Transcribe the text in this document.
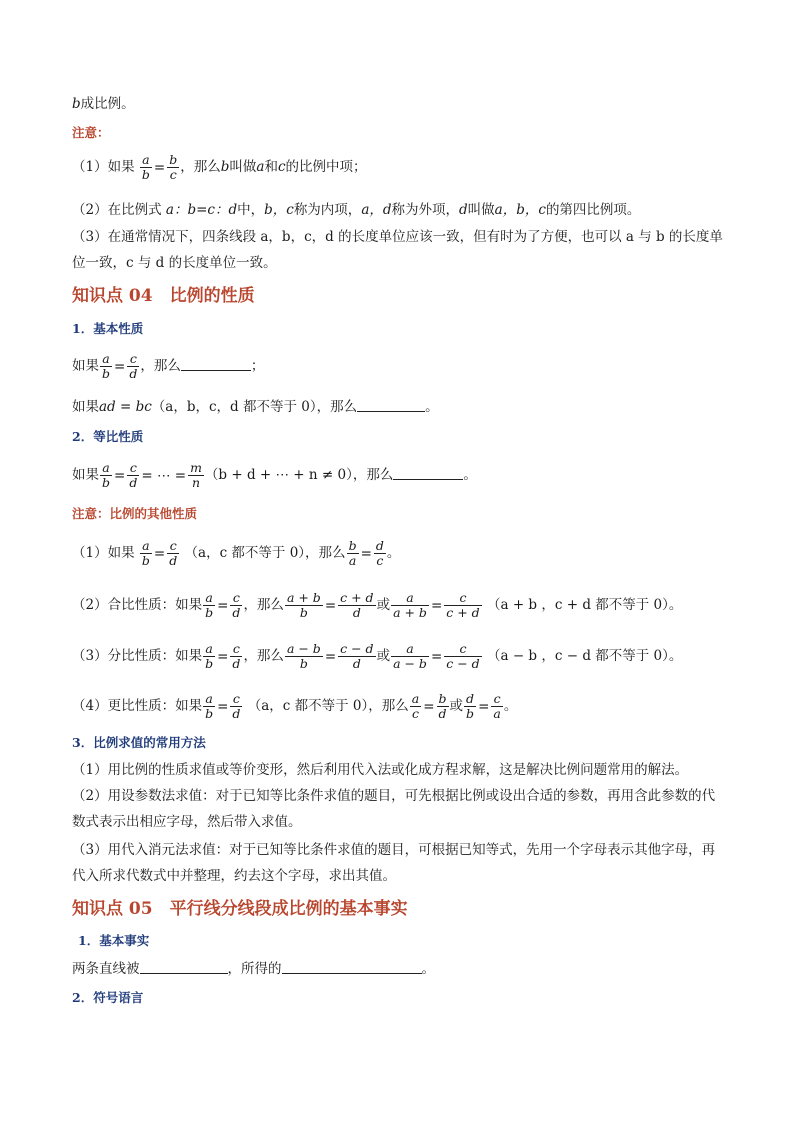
b成比例。
注意：
（1）如果 $\frac{a}{b} = \frac{b}{c}$ ，那么b叫做a和c的比例中项；
（2）在比例式 a：b=c：d中，b，c称为内项，a，d称为外项，d叫做a，b，c的第四比例项。
（3）在通常情况下，四条线段 a，b，c，d 的长度单位应该一致，但有时为了方便，也可以 a 与 b 的长度单位一致，c 与 d 的长度单位一致。
知识点 04　比例的性质
1．基本性质
如果 $\frac{a}{b} = \frac{c}{d}$ ，那么	；
如果ad = bc（a，b，c，d 都不等于 0），那么	。
2．等比性质
如果 $\frac{a}{b} = \frac{c}{d}$ = ⋯ = $\frac{m}{n} (b + d$ + ⋯ + n ≠ 0），那么	。
注意：比例的其他性质
（1）如果 $\frac{a}{b} = \frac{c}{d} (a$，c 都不等于 0），那么 $\frac{b}{a} = \frac{d}{c}$ 。
（2）合比性质：如果 $\frac{a}{b} = \frac{c}{d}$ ，那么 $\frac{a + b}{b} = \frac{c + d}{d}$ 或 $\frac{a}{a + b} = \frac{c}{c + d} (a + b$ ，c + d 都不等于 0）。
（3）分比性质：如果 $\frac{a}{b} = \frac{c}{d}$ ，那么 $\frac{a - b}{b} = \frac{c - d}{d}$ 或 $\frac{a}{a - b} = \frac{c}{c - d} (a - b$ ，c − d 都不等于 0）。
（4）更比性质：如果 $\frac{a}{b} = \frac{c}{d} (a$，c 都不等于 0），那么 $\frac{a}{c} = \frac{b}{d}$ 或 $\frac{d}{b} = \frac{c}{a}$ 。
3．比例求值的常用方法
（1）用比例的性质求值或等价变形，然后利用代入法或化成方程求解，这是解决比例问题常用的解法。
（2）用设参数法求值：对于已知等比条件求值的题目，可先根据比例或设出合适的参数，再用含此参数的代数式表示出相应字母，然后带入求值。
（3）用代入消元法求值：对于已知等比条件求值的题目，可根据已知等式，先用一个字母表示其他字母，再代入所求代数式中并整理，约去这个字母，求出其值。
知识点 05　平行线分线段成比例的基本事实
1．基本事实
两条直线被	，所得的	。
2．符号语言
